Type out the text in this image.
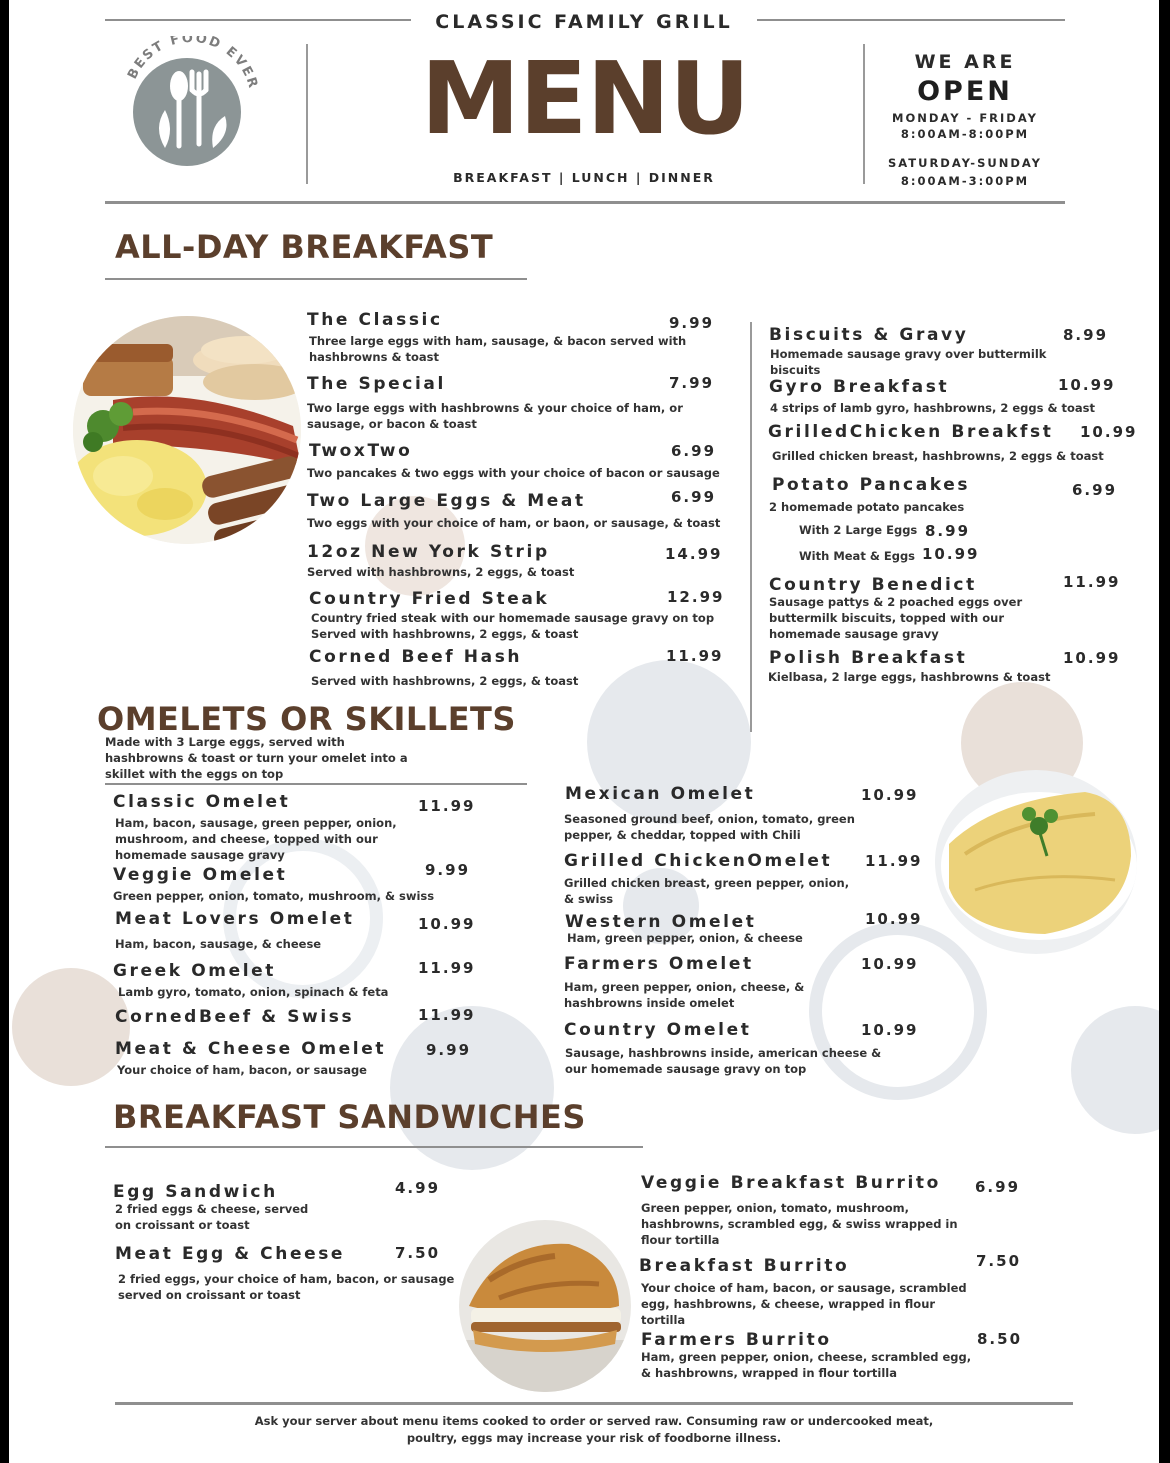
CLASSIC FAMILY GRILL
BEST FOOD EVER	MENU
BREAKFAST | LUNCH | DINNER
WE ARE
OPEN
MONDAY - FRIDAY
8:00AM-8:00PM
SATURDAY-SUNDAY
8:00AM-3:00PM
ALL-DAY BREAKFAST
The Classic	9.99
Three large eggs with ham, sausage, & bacon served with hashbrowns & toast
The Special	7.99
Two large eggs with hashbrowns & your choice of ham, or sausage, or bacon & toast
TwoxTwo	6.99
Two pancakes & two eggs with your choice of bacon or sausage
Two Large Eggs & Meat	6.99
Two eggs with your choice of ham, or baon, or sausage, & toast
12oz New York Strip	14.99
Served with hashbrowns, 2 eggs, & toast
Country Fried Steak	12.99
Country fried steak with our homemade sausage gravy on top
Served with hashbrowns, 2 eggs, & toast
Corned Beef Hash	11.99
Served with hashbrowns, 2 eggs, & toast
Biscuits & Gravy	8.99
Homemade sausage gravy over buttermilk biscuits
Gyro Breakfast	10.99
4 strips of lamb gyro, hashbrowns, 2 eggs & toast
GrilledChicken Breakfst 10.99
Grilled chicken breast, hashbrowns, 2 eggs & toast
Potato Pancakes	6.99
2 homemade potato pancakes
With 2 Large Eggs 8.99
With Meat & Eggs 10.99
Country Benedict	11.99
Sausage pattys & 2 poached eggs over buttermilk biscuits, topped with our homemade sausage gravy
Polish Breakfast	10.99
Kielbasa, 2 large eggs, hashbrowns & toast
OMELETS OR SKILLETS
Made with 3 Large eggs, served with hashbrowns & toast or turn your omelet into a skillet with the eggs on top
Classic Omelet	11.99
Ham, bacon, sausage, green pepper, onion, mushroom, and cheese, topped with our homemade sausage gravy
Veggie Omelet	9.99
Green pepper, onion, tomato, mushroom, & swiss
Meat Lovers Omelet	10.99
Ham, bacon, sausage, & cheese
Greek Omelet	11.99
Lamb gyro, tomato, onion, spinach & feta
CornedBeef & Swiss	11.99
Meat & Cheese Omelet	9.99
Your choice of ham, bacon, or sausage
Mexican Omelet	10.99
Seasoned ground beef, onion, tomato, green pepper, & cheddar, topped with Chili
Grilled ChickenOmelet 11.99
Grilled chicken breast, green pepper, onion, & swiss
Western Omelet	10.99
Ham, green pepper, onion, & cheese
Farmers Omelet	10.99
Ham, green pepper, onion, cheese, & hashbrowns inside omelet
Country Omelet	10.99
Sausage, hashbrowns inside, american cheese & our homemade sausage gravy on top
BREAKFAST SANDWICHES
Egg Sandwich	4.99
2 fried eggs & cheese, served on croissant or toast
Meat Egg & Cheese	7.50
2 fried eggs, your choice of ham, bacon, or sausage served on croissant or toast
Veggie Breakfast Burrito 6.99
Green pepper, onion, tomato, mushroom, hashbrowns, scrambled egg, & swiss wrapped in flour tortilla
Breakfast Burrito	7.50
Your choice of ham, bacon, or sausage, scrambled egg, hashbrowns, & cheese, wrapped in flour tortilla
Farmers Burrito	8.50
Ham, green pepper, onion, cheese, scrambled egg, & hashbrowns, wrapped in flour tortilla
Ask your server about menu items cooked to order or served raw. Consuming raw or undercooked meat,
poultry, eggs may increase your risk of foodborne illness.
